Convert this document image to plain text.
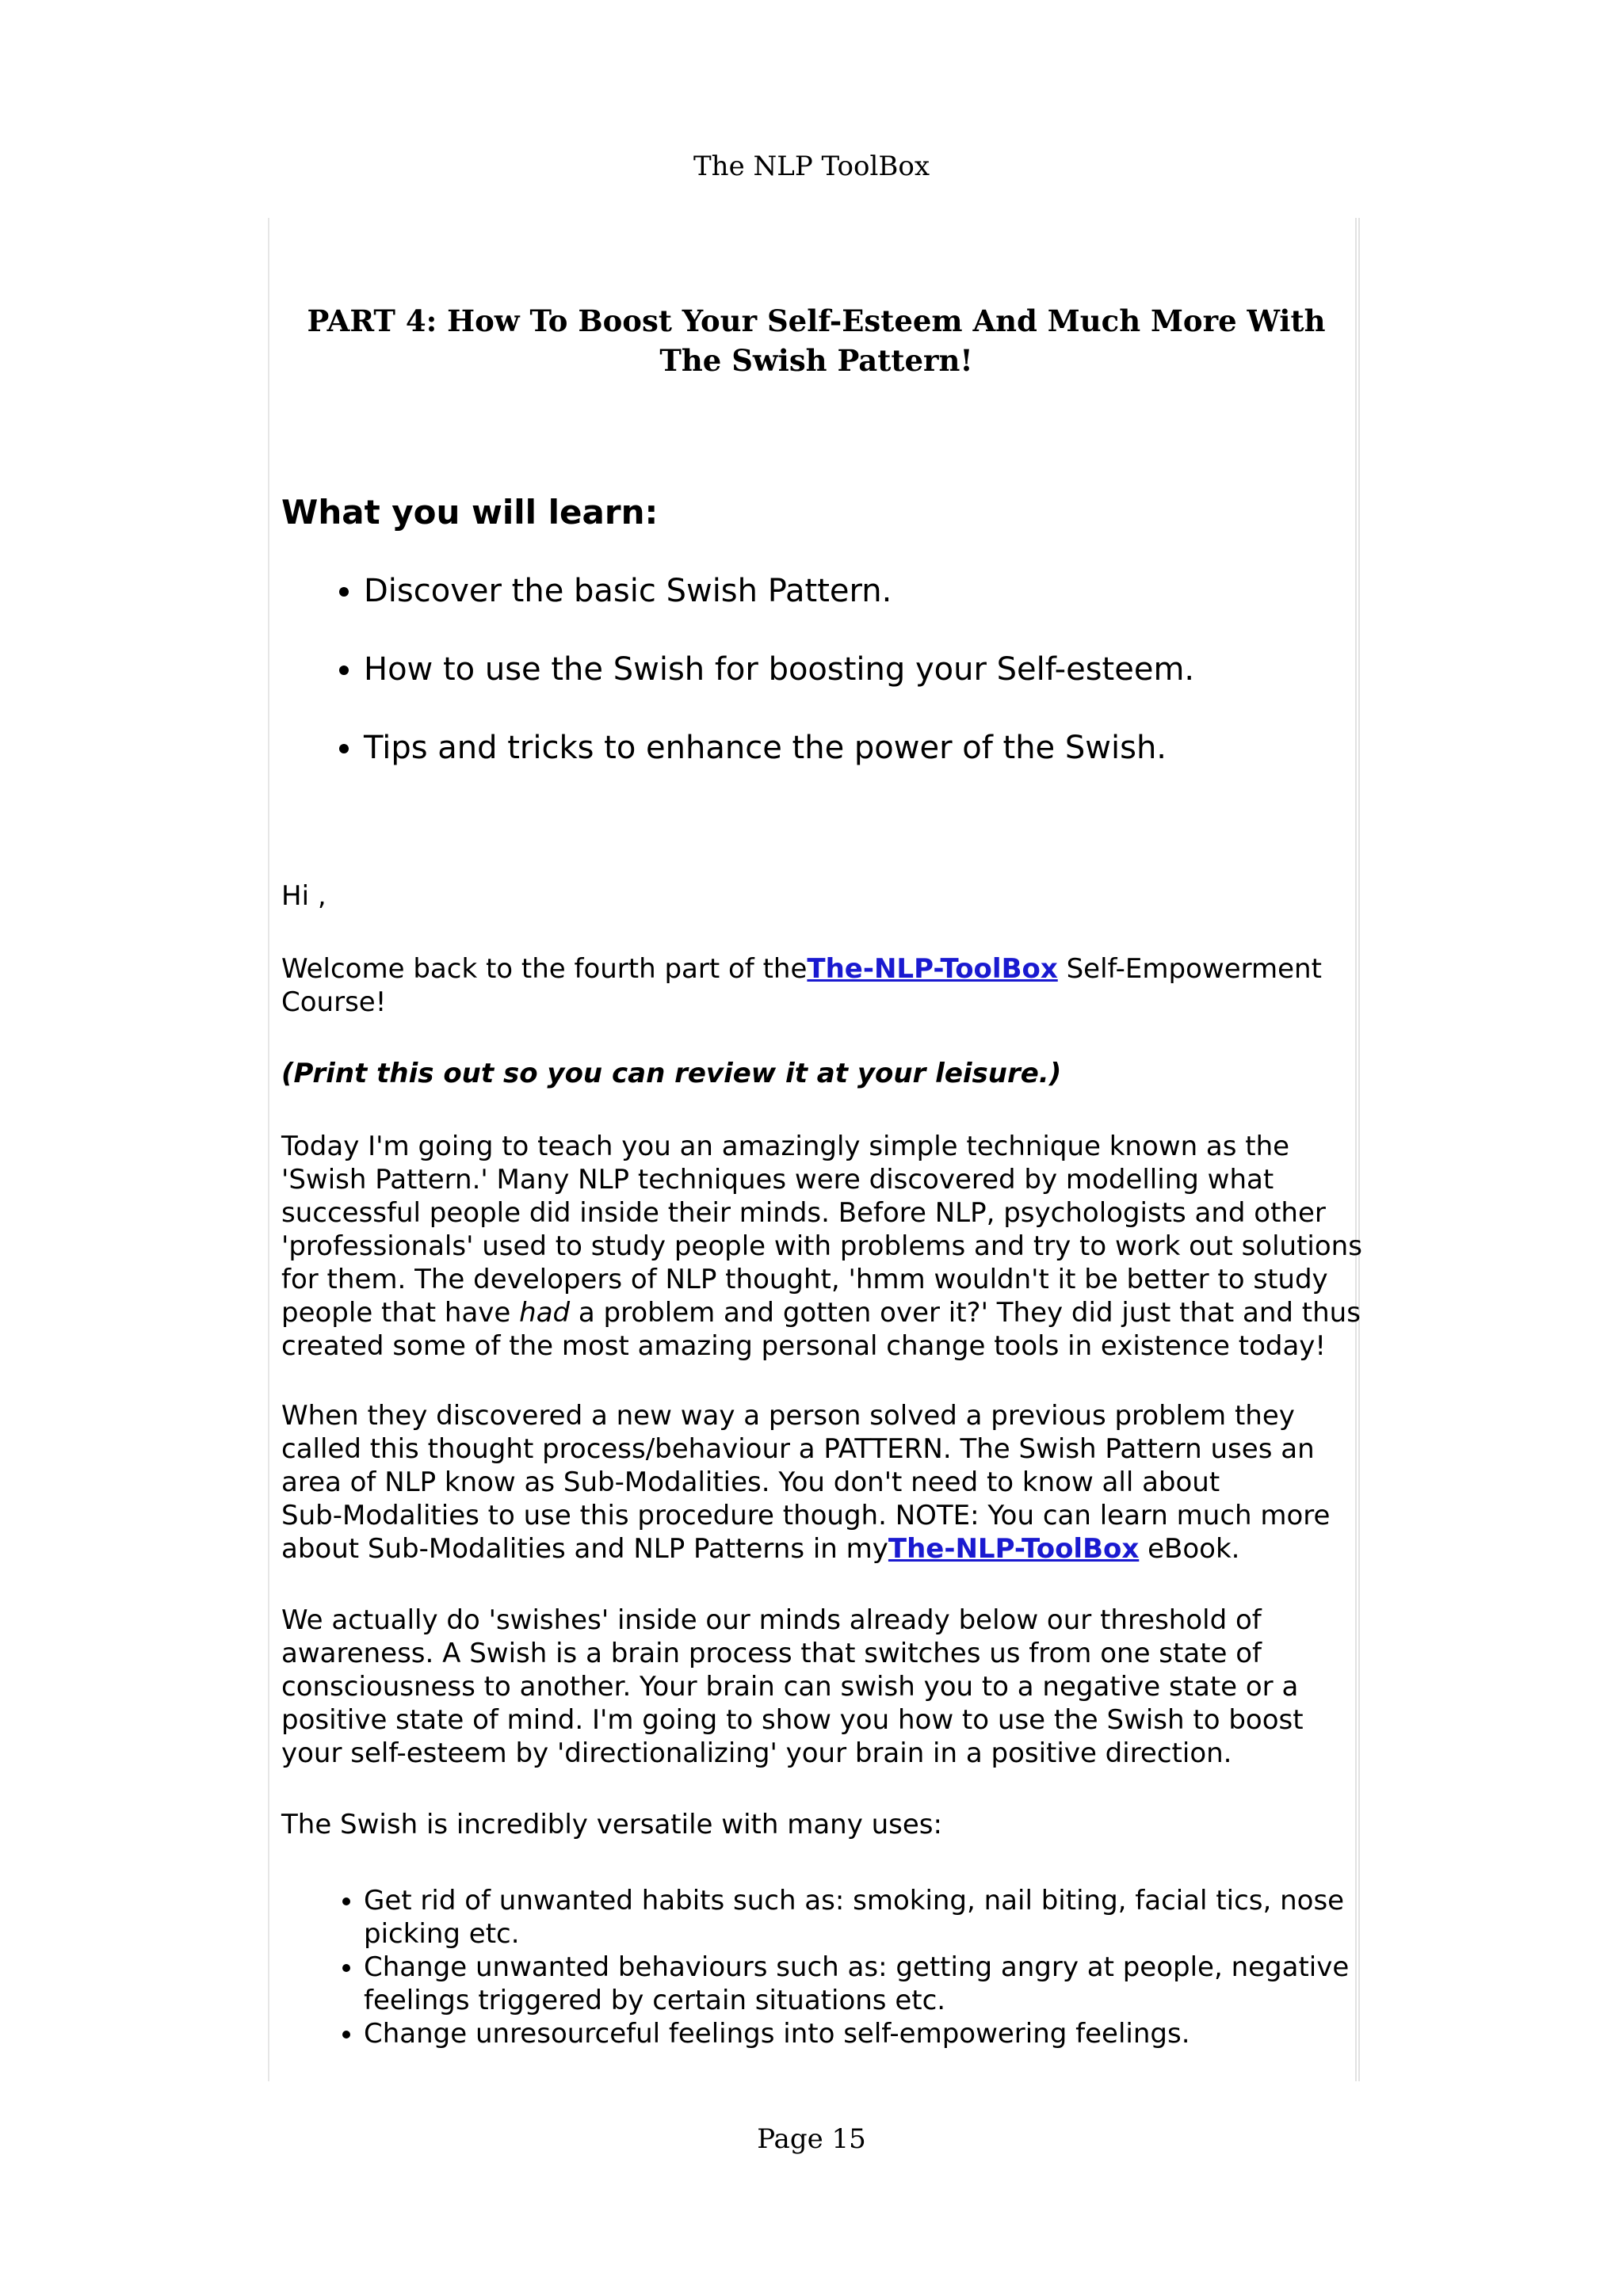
The NLP ToolBox
PART 4: How To Boost Your Self-Esteem And Much More With The Swish Pattern!
What you will learn:
• Discover the basic Swish Pattern.
• How to use the Swish for boosting your Self-esteem.
• Tips and tricks to enhance the power of the Swish.

Hi ,

Welcome back to the fourth part of theThe-NLP-ToolBox Self-Empowerment
Course!

(Print this out so you can review it at your leisure.)

Today I'm going to teach you an amazingly simple technique known as the
'Swish Pattern.' Many NLP techniques were discovered by modelling what
successful people did inside their minds. Before NLP, psychologists and other
'professionals' used to study people with problems and try to work out solutions
for them. The developers of NLP thought, 'hmm wouldn't it be better to study
people that have had a problem and gotten over it?' They did just that and thus
created some of the most amazing personal change tools in existence today!

When they discovered a new way a person solved a previous problem they
called this thought process/behaviour a PATTERN. The Swish Pattern uses an
area of NLP know as Sub-Modalities. You don't need to know all about
Sub-Modalities to use this procedure though. NOTE: You can learn much more
about Sub-Modalities and NLP Patterns in myThe-NLP-ToolBox eBook.

We actually do 'swishes' inside our minds already below our threshold of
awareness. A Swish is a brain process that switches us from one state of
consciousness to another. Your brain can swish you to a negative state or a
positive state of mind. I'm going to show you how to use the Swish to boost
your self-esteem by 'directionalizing' your brain in a positive direction.

The Swish is incredibly versatile with many uses:

• Get rid of unwanted habits such as: smoking, nail biting, facial tics, nose
picking etc.
• Change unwanted behaviours such as: getting angry at people, negative
feelings triggered by certain situations etc.
• Change unresourceful feelings into self-empowering feelings.
Page 15
